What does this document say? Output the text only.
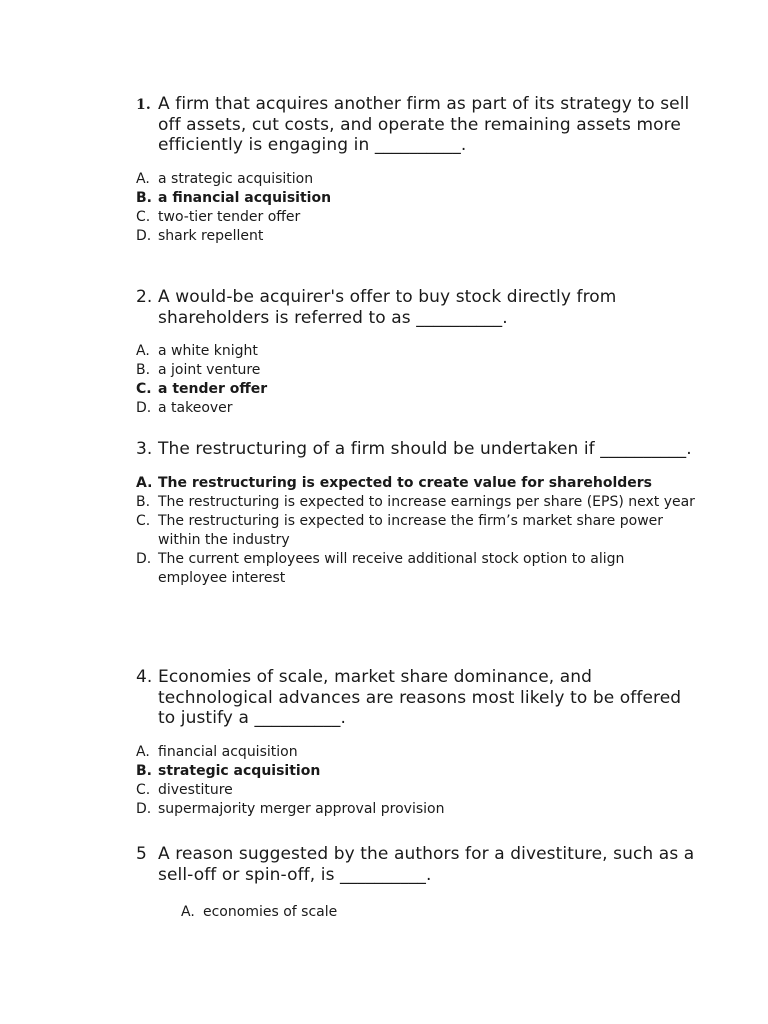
1. A firm that acquires another firm as part of its strategy to sell off assets, cut costs, and operate the remaining assets more efficiently is engaging in __________.
A. a strategic acquisition
B. a financial acquisition
C. two-tier tender offer
D. shark repellent
2. A would-be acquirer's offer to buy stock directly from shareholders is referred to as __________.
A. a white knight
B. a joint venture
C. a tender offer
D. a takeover
3. The restructuring of a firm should be undertaken if __________.
A. The restructuring is expected to create value for shareholders
B. The restructuring is expected to increase earnings per share (EPS) next year
C. The restructuring is expected to increase the firm’s market share power within the industry
D. The current employees will receive additional stock option to align employee interest
4. Economies of scale, market share dominance, and technological advances are reasons most likely to be offered to justify a __________.
A. financial acquisition
B. strategic acquisition
C. divestiture
D. supermajority merger approval provision
5 A reason suggested by the authors for a divestiture, such as a sell-off or spin-off, is __________.
A. economies of scale
